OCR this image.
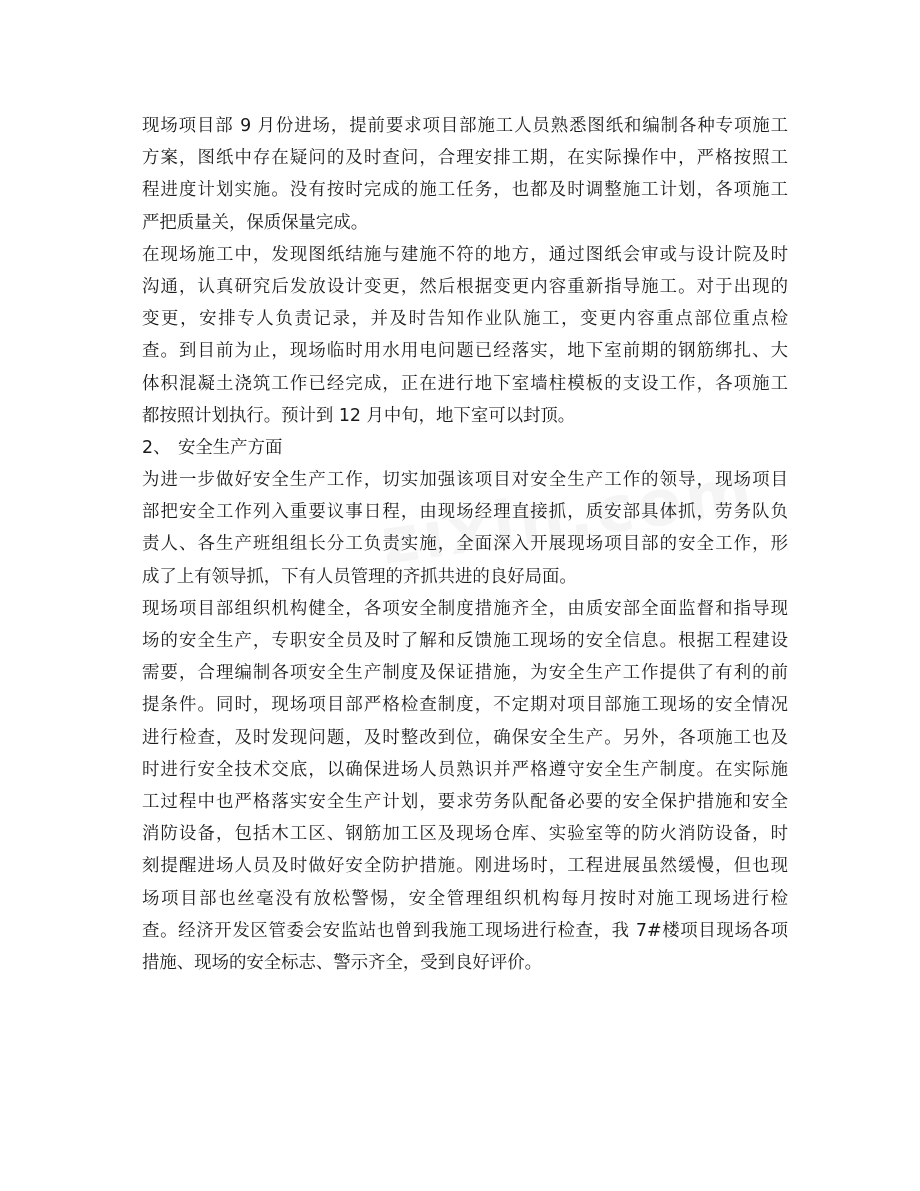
现场项目部 9 月份进场，提前要求项目部施工人员熟悉图纸和编制各种专项施工
方案，图纸中存在疑问的及时查问，合理安排工期，在实际操作中，严格按照工
程进度计划实施。没有按时完成的施工任务，也都及时调整施工计划，各项施工
严把质量关，保质保量完成。
在现场施工中，发现图纸结施与建施不符的地方，通过图纸会审或与设计院及时
沟通，认真研究后发放设计变更，然后根据变更内容重新指导施工。对于出现的
变更，安排专人负责记录，并及时告知作业队施工，变更内容重点部位重点检
查。到目前为止，现场临时用水用电问题已经落实，地下室前期的钢筋绑扎、大
体积混凝土浇筑工作已经完成，正在进行地下室墙柱模板的支设工作，各项施工
都按照计划执行。预计到 12 月中旬，地下室可以封顶。
2、 安全生产方面
为进一步做好安全生产工作，切实加强该项目对安全生产工作的领导，现场项目
部把安全工作列入重要议事日程，由现场经理直接抓，质安部具体抓，劳务队负
责人、各生产班组组长分工负责实施，全面深入开展现场项目部的安全工作，形
成了上有领导抓，下有人员管理的齐抓共进的良好局面。
现场项目部组织机构健全，各项安全制度措施齐全，由质安部全面监督和指导现
场的安全生产，专职安全员及时了解和反馈施工现场的安全信息。根据工程建设
需要，合理编制各项安全生产制度及保证措施，为安全生产工作提供了有利的前
提条件。同时，现场项目部严格检查制度，不定期对项目部施工现场的安全情况
进行检查，及时发现问题，及时整改到位，确保安全生产。另外，各项施工也及
时进行安全技术交底，以确保进场人员熟识并严格遵守安全生产制度。在实际施
工过程中也严格落实安全生产计划，要求劳务队配备必要的安全保护措施和安全
消防设备，包括木工区、钢筋加工区及现场仓库、实验室等的防火消防设备，时
刻提醒进场人员及时做好安全防护措施。刚进场时，工程进展虽然缓慢，但也现
场项目部也丝毫没有放松警惕，安全管理组织机构每月按时对施工现场进行检
查。经济开发区管委会安监站也曾到我施工现场进行检查，我 7#楼项目现场各项
措施、现场的安全标志、警示齐全，受到良好评价。
